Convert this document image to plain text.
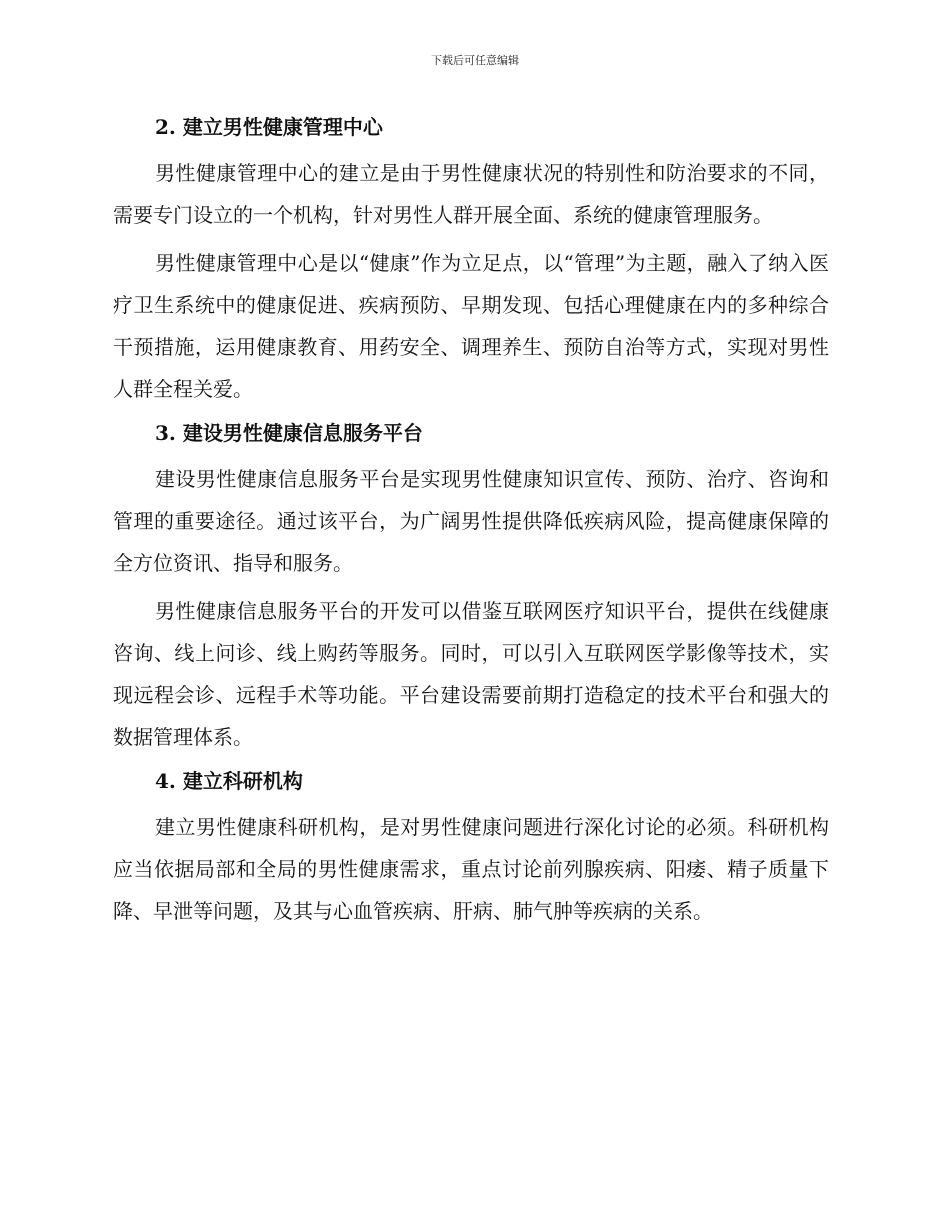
下载后可任意编辑
2. 建立男性健康管理中心

男性健康管理中心的建立是由于男性健康状况的特别性和防治要求的不同，需要专门设立的一个机构，针对男性人群开展全面、系统的健康管理服务。

男性健康管理中心是以“健康”作为立足点，以“管理”为主题，融入了纳入医疗卫生系统中的健康促进、疾病预防、早期发现、包括心理健康在内的多种综合干预措施，运用健康教育、用药安全、调理养生、预防自治等方式，实现对男性人群全程关爱。

3. 建设男性健康信息服务平台

建设男性健康信息服务平台是实现男性健康知识宣传、预防、治疗、咨询和管理的重要途径。通过该平台，为广阔男性提供降低疾病风险，提高健康保障的全方位资讯、指导和服务。

男性健康信息服务平台的开发可以借鉴互联网医疗知识平台，提供在线健康咨询、线上问诊、线上购药等服务。同时，可以引入互联网医学影像等技术，实现远程会诊、远程手术等功能。平台建设需要前期打造稳定的技术平台和强大的数据管理体系。

4. 建立科研机构

建立男性健康科研机构，是对男性健康问题进行深化讨论的必须。科研机构应当依据局部和全局的男性健康需求，重点讨论前列腺疾病、阳痿、精子质量下降、早泄等问题，及其与心血管疾病、肝病、肺气肿等疾病的关系。
